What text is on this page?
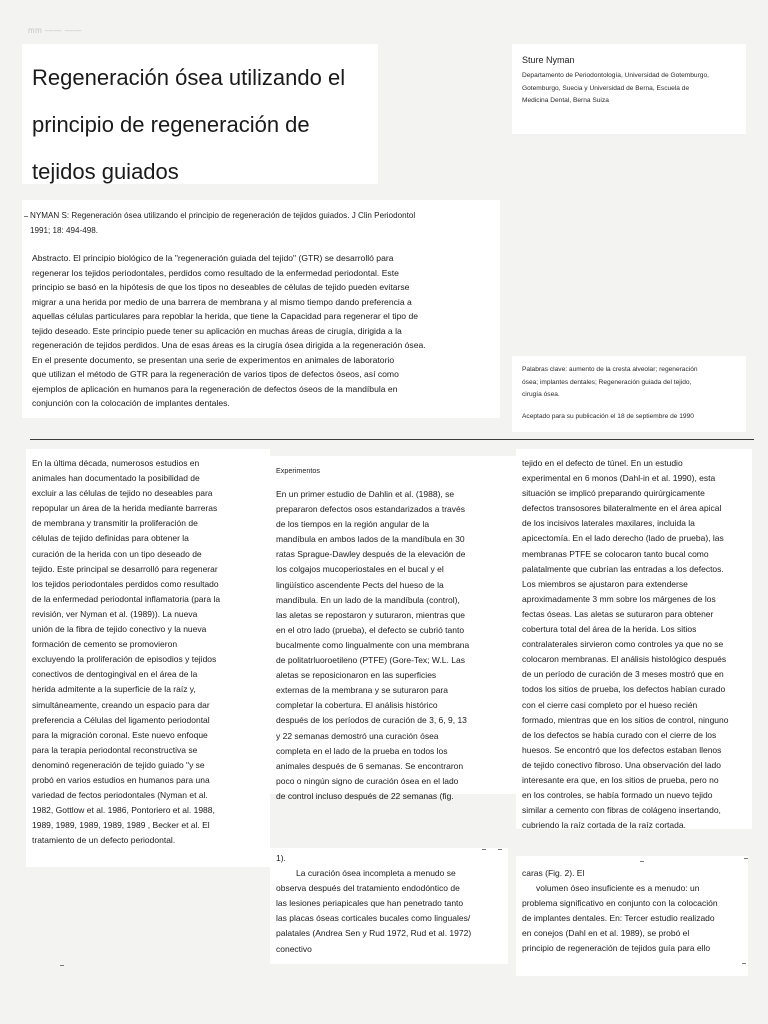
mm —— ——
Regeneración ósea utilizando el
principio de regeneración de
tejidos guiados
Sture Nyman
Departamento de Periodontología, Universidad de Gotemburgo,
Gotemburgo, Suecia y Universidad de Berna, Escuela de
Medicina Dental, Berna Suiza
NYMAN S: Regeneración ósea utilizando el principio de regeneración de tejidos guiados. J Clin Periodontol
1991; 18: 494-498.
Abstracto. El principio biológico de la "regeneración guiada del tejido" (GTR) se desarrolló para
regenerar los tejidos periodontales, perdidos como resultado de la enfermedad periodontal. Este
principio se basó en la hipótesis de que los tipos no deseables de células de tejido pueden evitarse
migrar a una herida por medio de una barrera de membrana y al mismo tiempo dando preferencia a
aquellas células particulares para repoblar la herida, que tiene la Capacidad para regenerar el tipo de
tejido deseado. Este principio puede tener su aplicación en muchas áreas de cirugía, dirigida a la
regeneración de tejidos perdidos. Una de esas áreas es la cirugía ósea dirigida a la regeneración ósea.
En el presente documento, se presentan una serie de experimentos en animales de laboratorio
que utilizan el método de GTR para la regeneración de varios tipos de defectos óseos, así como
ejemplos de aplicación en humanos para la regeneración de defectos óseos de la mandíbula en
conjunción con la colocación de implantes dentales.
Palabras clave: aumento de la cresta alveolar; regeneración
ósea; implantes dentales; Regeneración guiada del tejido,
cirugía ósea.
Aceptado para su publicación el 18 de septiembre de 1990
En la última década, numerosos estudios en
animales han documentado la posibilidad de
excluir a las células de tejido no deseables para
repopular un área de la herida mediante barreras
de membrana y transmitir la proliferación de
células de tejido definidas para obtener la
curación de la herida con un tipo deseado de
tejido. Este principal se desarrolló para regenerar
los tejidos periodontales perdidos como resultado
de la enfermedad periodontal inflamatoria (para la
revisión, ver Nyman et al. (1989)). La nueva
unión de la fibra de tejido conectivo y la nueva
formación de cemento se promovieron
excluyendo la proliferación de episodios y tejidos
conectivos de dentogingival en el área de la
herida admitente a la superficie de la raíz y,
simultáneamente, creando un espacio para dar
preferencia a Células del ligamento periodontal
para la migración coronal. Este nuevo enfoque
para la terapia periodontal reconstructiva se
denominó regeneración de tejido guiado "y se
probó en varios estudios en humanos para una
variedad de fectos periodontales (Nyman et al.
1982, Gottlow et al. 1986, Pontoriero et al. 1988,
1989, 1989, 1989, 1989, 1989 , Becker et al. El
tratamiento de un defecto periodontal.
Experimentos
En un primer estudio de Dahlin et al. (1988), se
prepararon defectos osos estandarizados a través
de los tiempos en la región angular de la
mandíbula en ambos lados de la mandíbula en 30
ratas Sprague-Dawley después de la elevación de
los colgajos mucoperiostales en el bucal y el
lingüístico ascendente Pects del hueso de la
mandíbula. En un lado de la mandíbula (control),
las aletas se repostaron y suturaron, mientras que
en el otro lado (prueba), el defecto se cubrió tanto
bucalmente como lingualmente con una membrana
de politatrluoroetileno (PTFE) (Gore-Tex; W.L. Las
aletas se reposicionaron en las superficies
externas de la membrana y se suturaron para
completar la cobertura. El análisis histórico
después de los períodos de curación de 3, 6, 9, 13
y 22 semanas demostró una curación ósea
completa en el lado de la prueba en todos los
animales después de 6 semanas. Se encontraron
poco o ningún signo de curación ósea en el lado
de control incluso después de 22 semanas (fig.
tejido en el defecto de túnel. En un estudio
experimental en 6 monos (Dahl-in et al. 1990), esta
situación se implicó preparando quirúrgicamente
defectos transosores bilateralmente en el área apical
de los incisivos laterales maxilares, incluida la
apicectomía. En el lado derecho (lado de prueba), las
membranas PTFE se colocaron tanto bucal como
palatalmente que cubrían las entradas a los defectos.
Los miembros se ajustaron para extenderse
aproximadamente 3 mm sobre los márgenes de los
fectas óseas. Las aletas se suturaron para obtener
cobertura total del área de la herida. Los sitios
contralaterales sirvieron como controles ya que no se
colocaron membranas. El análisis histológico después
de un período de curación de 3 meses mostró que en
todos los sitios de prueba, los defectos habían curado
con el cierre casi completo por el hueso recién
formado, mientras que en los sitios de control, ninguno
de los defectos se había curado con el cierre de los
huesos. Se encontró que los defectos estaban llenos
de tejido conectivo fibroso. Una observación del lado
interesante era que, en los sitios de prueba, pero no
en los controles, se había formado un nuevo tejido
similar a cemento con fibras de colágeno insertando,
cubriendo la raíz cortada de la raíz cortada.
1).
La curación ósea incompleta a menudo se
observa después del tratamiento endodóntico de
las lesiones periapicales que han penetrado tanto
las placas óseas corticales bucales como linguales/
palatales (Andrea Sen y Rud 1972, Rud et al. 1972)
conectivo
caras (Fig. 2). El
volumen óseo insuficiente es a menudo: un
problema significativo en conjunto con la colocación
de implantes dentales. En: Tercer estudio realizado
en conejos (Dahl en et al. 1989), se probó el
principio de regeneración de tejidos guía para ello
